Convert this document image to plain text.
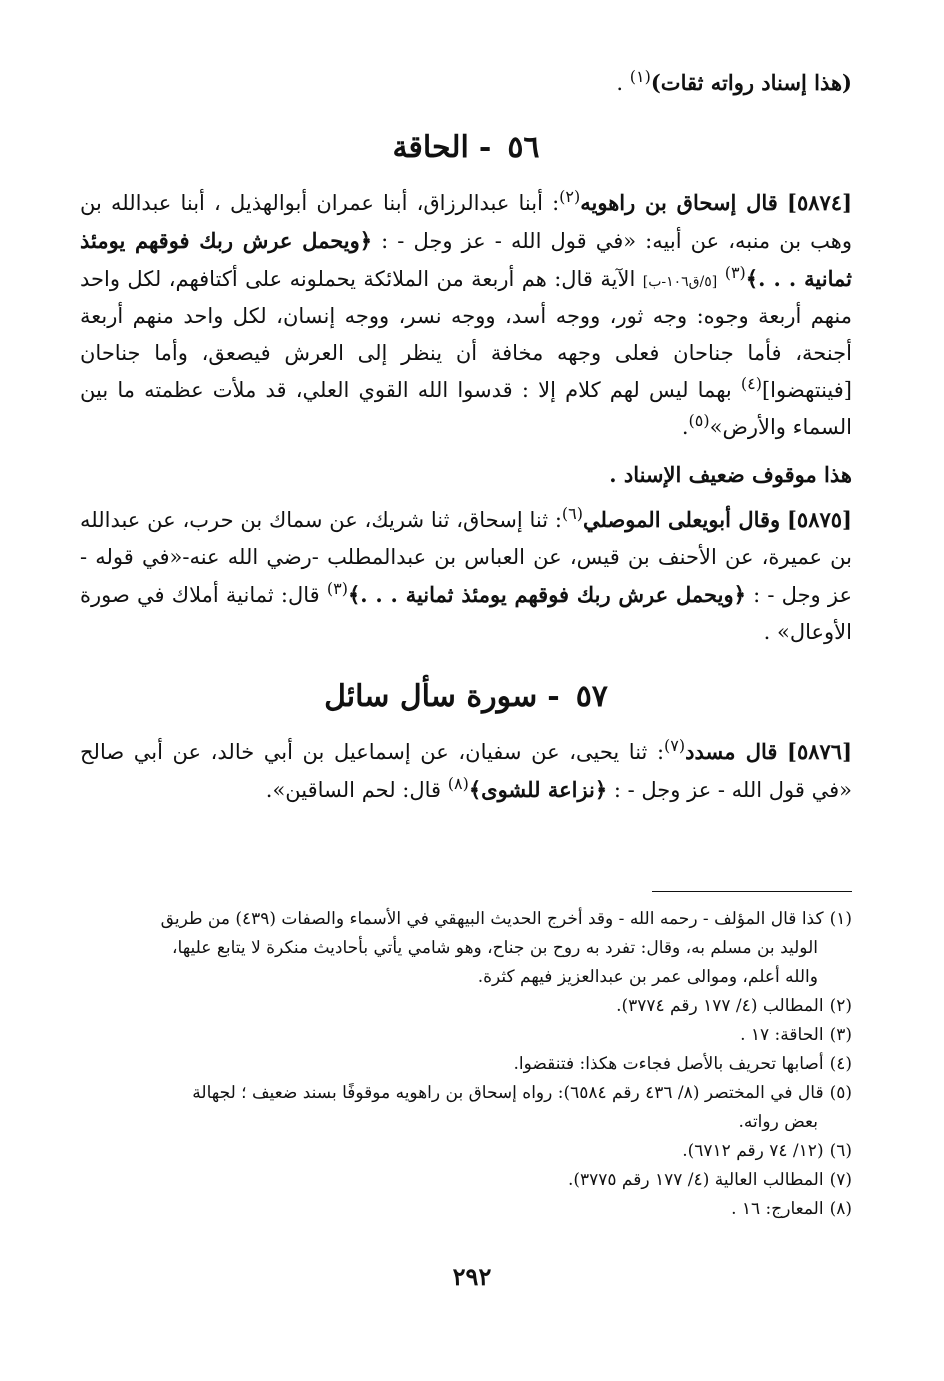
(هذا إسناد رواته ثقات)$^{(١)}$ .

٥٦-الحاقة

[٥٨٧٤] قال إسحاق بن راهويه$^{(٢)}$: أبنا عبدالرزاق، أبنا عمران أبوالهذيل ، أبنا عبدالله بن وهب بن منبه، عن أبيه: «في قول الله - عز وجل - : ﴿ويحمل عرش ربك فوقهم يومئذ ثمانية . . .﴾$^{(٣)}$ [٥/ق١٠٦-ب] الآية قال: هم أربعة من الملائكة يحملونه على أكتافهم، لكل واحد منهم أربعة وجوه: وجه ثور، ووجه أسد، ووجه نسر، ووجه إنسان، لكل واحد منهم أربعة أجنحة، فأما جناحان فعلى وجهه مخافة أن ينظر إلى العرش فيصعق، وأما جناحان [فينتهضوا]$^{(٤)}$ بهما ليس لهم كلام إلا : قدسوا الله القوي العلي، قد ملأت عظمته ما بين السماء والأرض»$^{(٥)}$.

هذا موقوف ضعيف الإسناد .

[٥٨٧٥] وقال أبويعلى الموصلي$^{(٦)}$: ثنا إسحاق، ثنا شريك، عن سماك بن حرب، عن عبدالله بن عميرة، عن الأحنف بن قيس، عن العباس بن عبدالمطلب -رضي الله عنه-«في قوله - عز وجل - : ﴿ويحمل عرش ربك فوقهم يومئذ ثمانية . . .﴾$^{(٣)}$ قال: ثمانية أملاك في صورة الأوعال» .

٥٧-سورة سأل سائل

[٥٨٧٦] قال مسدد$^{(٧)}$: ثنا يحيى، عن سفيان، عن إسماعيل بن أبي خالد، عن أبي صالح «في قول الله - عز وجل - : ﴿نزاعة للشوى﴾$^{(٨)}$ قال: لحم الساقين».

(١)كذا قال المؤلف - رحمه الله - وقد أخرج الحديث البيهقي في الأسماء والصفات (٤٣٩) من طريق
الوليد بن مسلم به، وقال: تفرد به روح بن جناح، وهو شامي يأتي بأحاديث منكرة لا يتابع عليها،
والله أعلم، وموالى عمر بن عبدالعزيز فيهم كثرة.

(٢)المطالب (٤/ ١٧٧ رقم ٣٧٧٤).

(٣)الحاقة: ١٧ .

(٤)أصابها تحريف بالأصل فجاءت هكذا: فتنقضوا.

(٥)قال في المختصر (٨/ ٤٣٦ رقم ٦٥٨٤): رواه إسحاق بن راهويه موقوفًا بسند ضعيف ؛ لجهالة
بعض رواته.

(٦)(١٢/ ٧٤ رقم ٦٧١٢).

(٧)المطالب العالية (٤/ ١٧٧ رقم ٣٧٧٥).

(٨)المعارج: ١٦ .

٢٩٢
